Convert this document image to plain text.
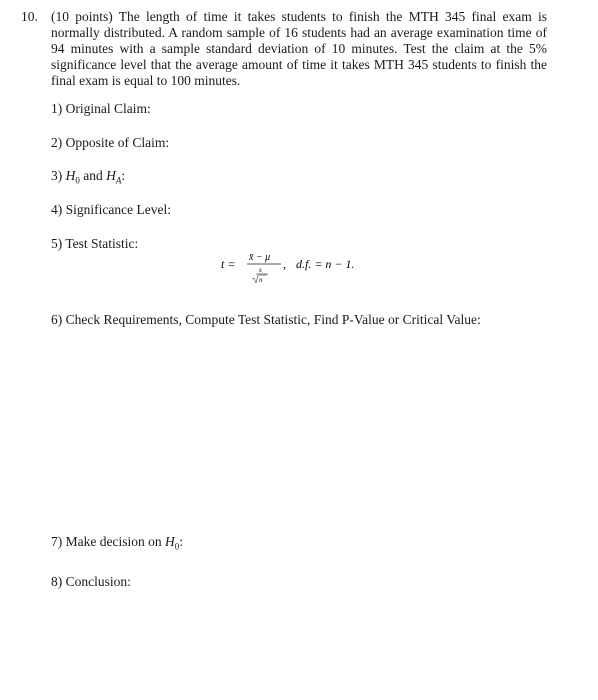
10. (10 points) The length of time it takes students to finish the MTH 345 final exam is normally distributed. A random sample of 16 students had an average examination time of 94 minutes with a sample standard deviation of 10 minutes. Test the claim at the 5% significance level that the average amount of time it takes MTH 345 students to finish the final exam is equal to 100 minutes.
1) Original Claim:
2) Opposite of Claim:
3) $H_0$ and $H_A$:
4) Significance Level:
5) Test Statistic:
t = x̄ − μ
s
n
, d.f. = n − 1.
6) Check Requirements, Compute Test Statistic, Find P-Value or Critical Value:
7) Make decision on $H_0$:
8) Conclusion:
